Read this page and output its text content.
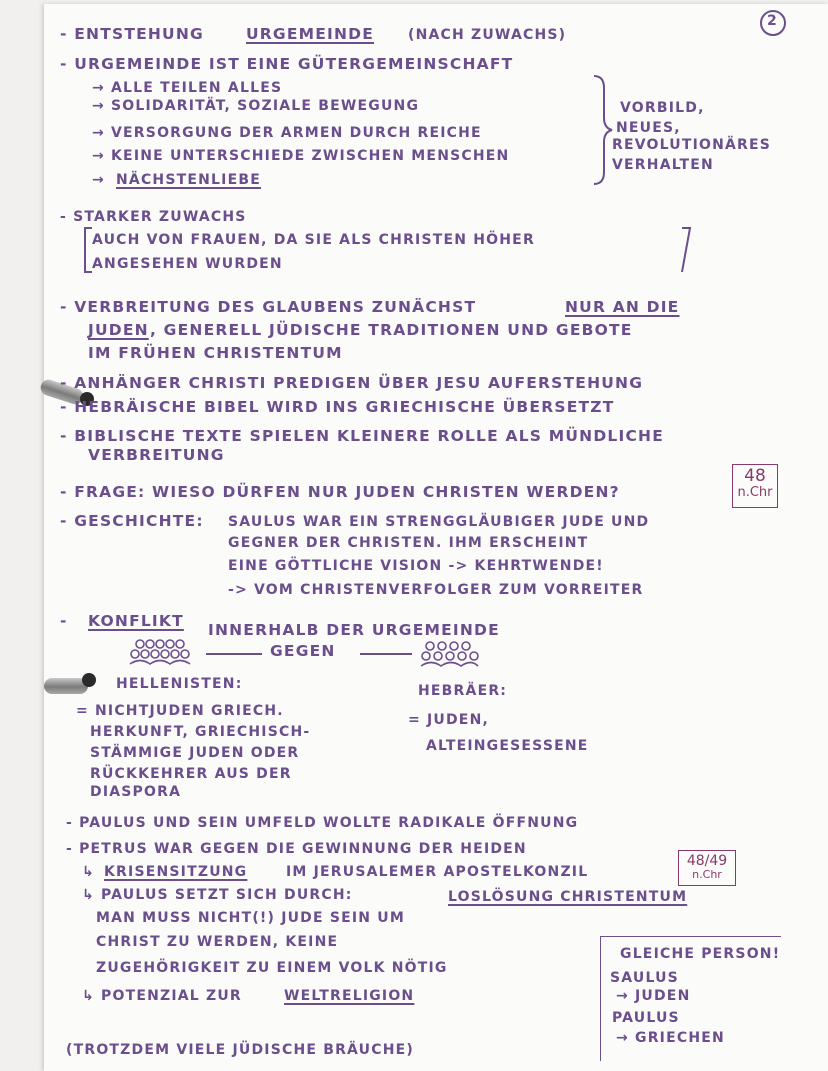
2
- ENTSTEHUNG	URGEMEINDE (NACH ZUWACHS)
- URGEMEINDE IST EINE GÜTERGEMEINSCHAFT
→ ALLE TEILEN ALLES
→ SOLIDARITÄT, SOZIALE BEWEGUNG
→ VERSORGUNG DER ARMEN DURCH REICHE
→ KEINE UNTERSCHIEDE ZWISCHEN MENSCHEN
→ NÄCHSTENLIEBE
VORBILD,
NEUES,
REVOLUTIONÄRES
VERHALTEN
- STARKER ZUWACHS
AUCH VON FRAUEN, DA SIE ALS CHRISTEN HÖHER
ANGESEHEN WURDEN
- VERBREITUNG DES GLAUBENS ZUNÄCHST	NUR AN DIE
JUDEN , GENERELL JÜDISCHE TRADITIONEN UND GEBOTE
IM FRÜHEN CHRISTENTUM
- ANHÄNGER CHRISTI PREDIGEN ÜBER JESU AUFERSTEHUNG
- HEBRÄISCHE BIBEL WIRD INS GRIECHISCHE ÜBERSETZT
- BIBLISCHE TEXTE SPIELEN KLEINERE ROLLE ALS MÜNDLICHE
VERBREITUNG
- FRAGE: WIESO DÜRFEN NUR JUDEN CHRISTEN WERDEN?
48
n.Chr
- GESCHICHTE: SAULUS WAR EIN STRENGGLÄUBIGER JUDE UND
GEGNER DER CHRISTEN. IHM ERSCHEINT
EINE GÖTTLICHE VISION -> KEHRTWENDE!
-> VOM CHRISTENVERFOLGER ZUM VORREITER
- KONFLIKT INNERHALB DER URGEMEINDE
GEGEN
HELLENISTEN:
= NICHTJUDEN GRIECH.
HERKUNFT, GRIECHISCH-
STÄMMIGE JUDEN ODER
RÜCKKEHRER AUS DER
DIASPORA
HEBRÄER:
= JUDEN,
ALTEINGESESSENE
- PAULUS UND SEIN UMFELD WOLLTE RADIKALE ÖFFNUNG
- PETRUS WAR GEGEN DIE GEWINNUNG DER HEIDEN
48/49
n.Chr
↳ KRISENSITZUNG	IM JERUSALEMER APOSTELKONZIL
↳ PAULUS SETZT SICH DURCH:	LOSLÖSUNG CHRISTENTUM
MAN MUSS NICHT(!) JUDE SEIN UM
CHRIST ZU WERDEN, KEINE
ZUGEHÖRIGKEIT ZU EINEM VOLK NÖTIG
↳ POTENZIAL ZUR	WELTRELIGION
(TROTZDEM VIELE JÜDISCHE BRÄUCHE)
GLEICHE PERSON!
SAULUS
→ JUDEN
PAULUS
→ GRIECHEN
